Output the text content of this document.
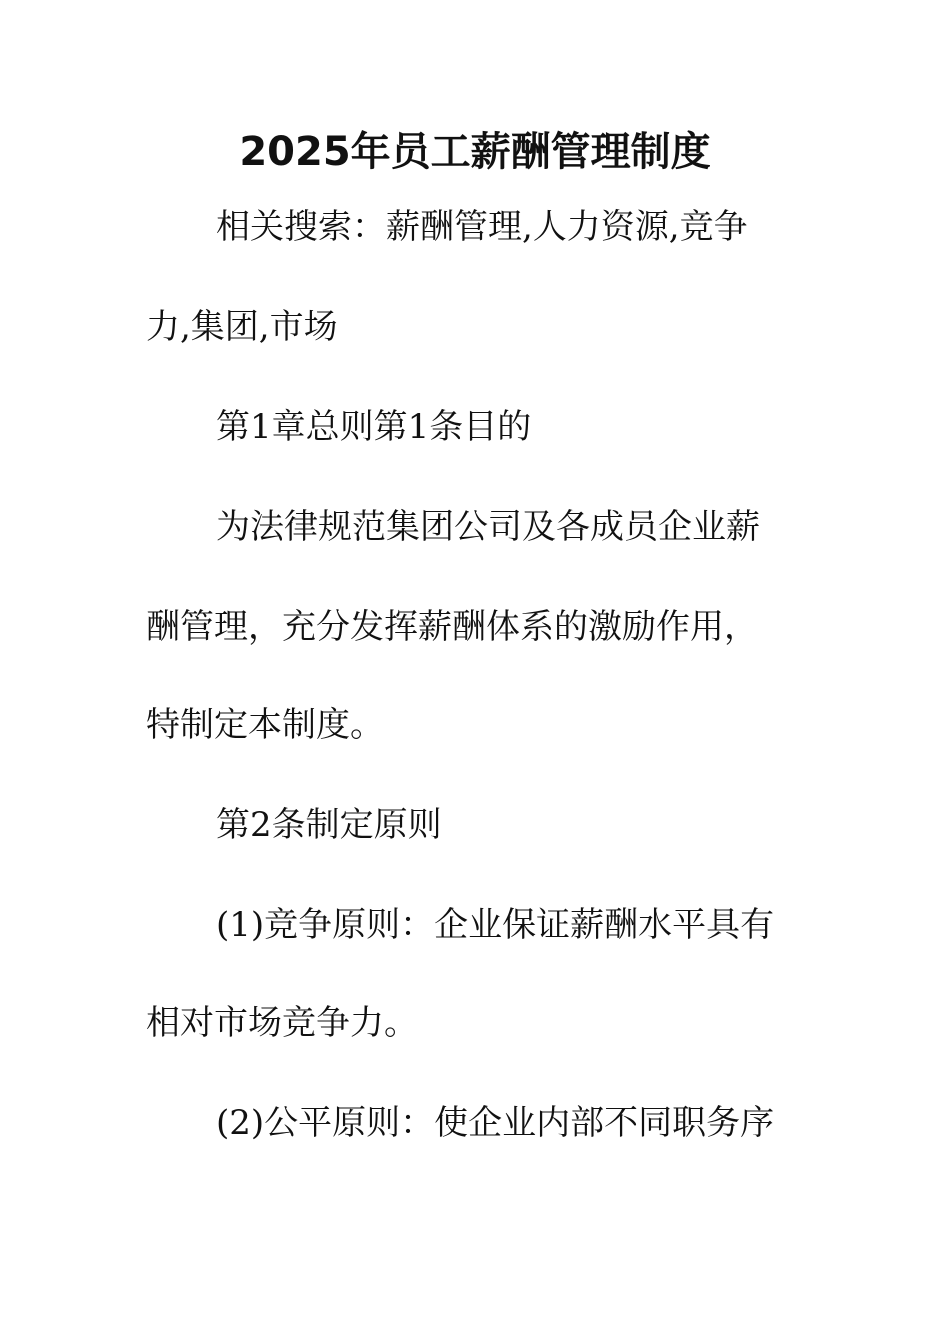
2025年员工薪酬管理制度
相关搜索：薪酬管理,人力资源,竞争
力,集团,市场
第1章总则第1条目的
为法律规范集团公司及各成员企业薪
酬管理，充分发挥薪酬体系的激励作用，
特制定本制度。
第2条制定原则
(1)竞争原则：企业保证薪酬水平具有
相对市场竞争力。
(2)公平原则：使企业内部不同职务序
